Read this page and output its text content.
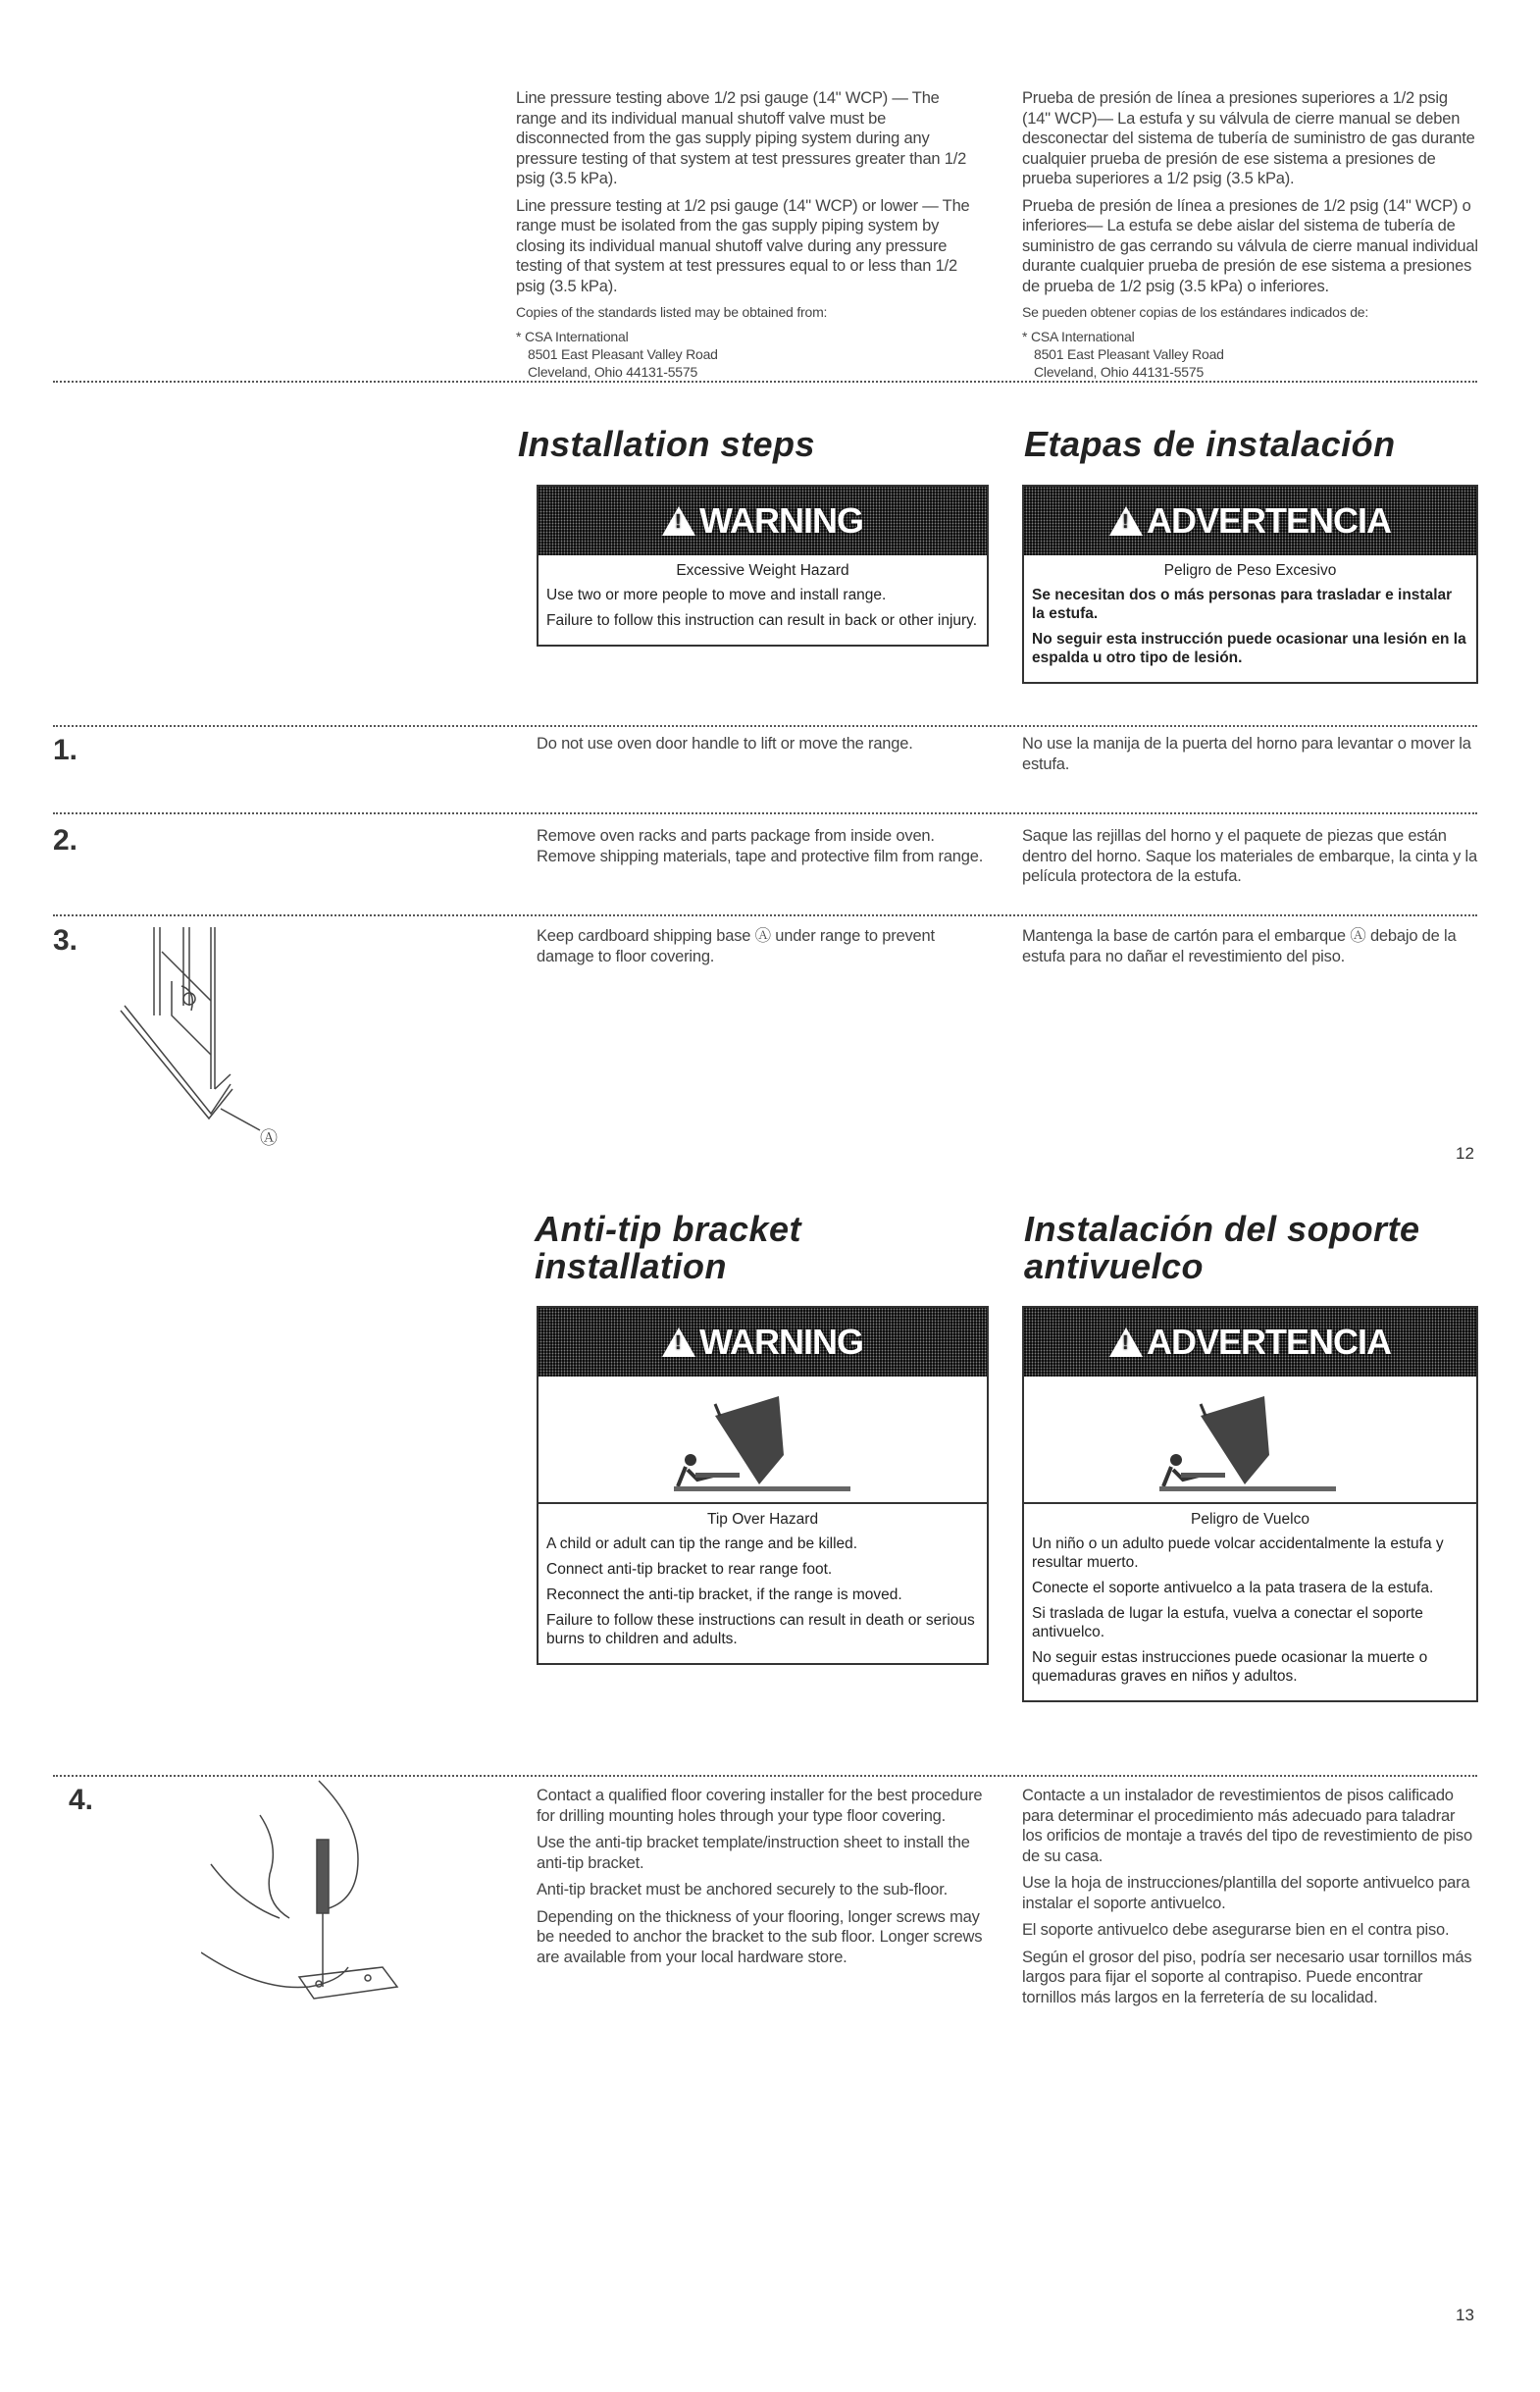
Line pressure testing above 1/2 psi gauge (14" WCP) — The range and its individual manual shutoff valve must be disconnected from the gas supply piping system during any pressure testing of that system at test pressures greater than 1/2 psig (3.5 kPa).

Line pressure testing at 1/2 psi gauge (14" WCP) or lower — The range must be isolated from the gas supply piping system by closing its individual manual shutoff valve during any pressure testing of that system at test pressures equal to or less than 1/2 psig (3.5 kPa).

Copies of the standards listed may be obtained from:

* CSA International
8501 East Pleasant Valley Road
Cleveland, Ohio 44131-5575

Prueba de presión de línea a presiones superiores a 1/2 psig (14" WCP)— La estufa y su válvula de cierre manual se deben desconectar del sistema de tubería de suministro de gas durante cualquier prueba de presión de ese sistema a presiones de prueba superiores a 1/2 psig (3.5 kPa).

Prueba de presión de línea a presiones de 1/2 psig (14" WCP) o inferiores— La estufa se debe aislar del sistema de tubería de suministro de gas cerrando su válvula de cierre manual individual durante cualquier prueba de presión de ese sistema a presiones de prueba de 1/2 psig (3.5 kPa) o inferiores.

Se pueden obtener copias de los estándares indicados de:

* CSA International
8501 East Pleasant Valley Road
Cleveland, Ohio 44131-5575
Installation steps	Etapas de instalación
!
WARNING
Excessive Weight Hazard

Use two or more people to move and install range.

Failure to follow this instruction can result in back or other injury.

!
ADVERTENCIA
Peligro de Peso Excesivo

Se necesitan dos o más personas para trasladar e instalar la estufa.

No seguir esta instrucción puede ocasionar una lesión en la espalda u otro tipo de lesión.

1.	Do not use oven door handle to lift or move the range.	No use la manija de la puerta del horno para levantar o mover la estufa.
2.	Remove oven racks and parts package from inside oven. Remove shipping materials, tape and protective film from range.
Saque las rejillas del horno y el paquete de piezas que están dentro del horno. Saque los materiales de embarque, la cinta y la película protectora de la estufa.
3.	Keep cardboard shipping base Ⓐ under range to prevent damage to floor covering.
Mantenga la base de cartón para el embarque Ⓐ debajo de la estufa para no dañar el revestimiento del piso.
Ⓐ
12
Anti-tip bracket installation
Instalación del soporte antivuelco
!
WARNING
Tip Over Hazard

A child or adult can tip the range and be killed.

Connect anti-tip bracket to rear range foot.

Reconnect the anti-tip bracket, if the range is moved.

Failure to follow these instructions can result in death or serious burns to children and adults.

!
ADVERTENCIA
Peligro de Vuelco

Un niño o un adulto puede volcar accidentalmente la estufa y resultar muerto.

Conecte el soporte antivuelco a la pata trasera de la estufa.

Si traslada de lugar la estufa, vuelva a conectar el soporte antivuelco.

No seguir estas instrucciones puede ocasionar la muerte o quemaduras graves en niños y adultos.

4.	Contact a qualified floor covering installer for the best procedure for drilling mounting holes through your type floor covering.

Use the anti-tip bracket template/instruction sheet to install the anti-tip bracket.

Anti-tip bracket must be anchored securely to the sub-floor.

Depending on the thickness of your flooring, longer screws may be needed to anchor the bracket to the sub floor. Longer screws are available from your local hardware store.

Contacte a un instalador de revestimientos de pisos calificado para determinar el procedimiento más adecuado para taladrar los orificios de montaje a través del tipo de revestimiento de piso de su casa.

Use la hoja de instrucciones/plantilla del soporte antivuelco para instalar el soporte antivuelco.

El soporte antivuelco debe asegurarse bien en el contra piso.

Según el grosor del piso, podría ser necesario usar tornillos más largos para fijar el soporte al contrapiso. Puede encontrar tornillos más largos en la ferretería de su localidad.

13
